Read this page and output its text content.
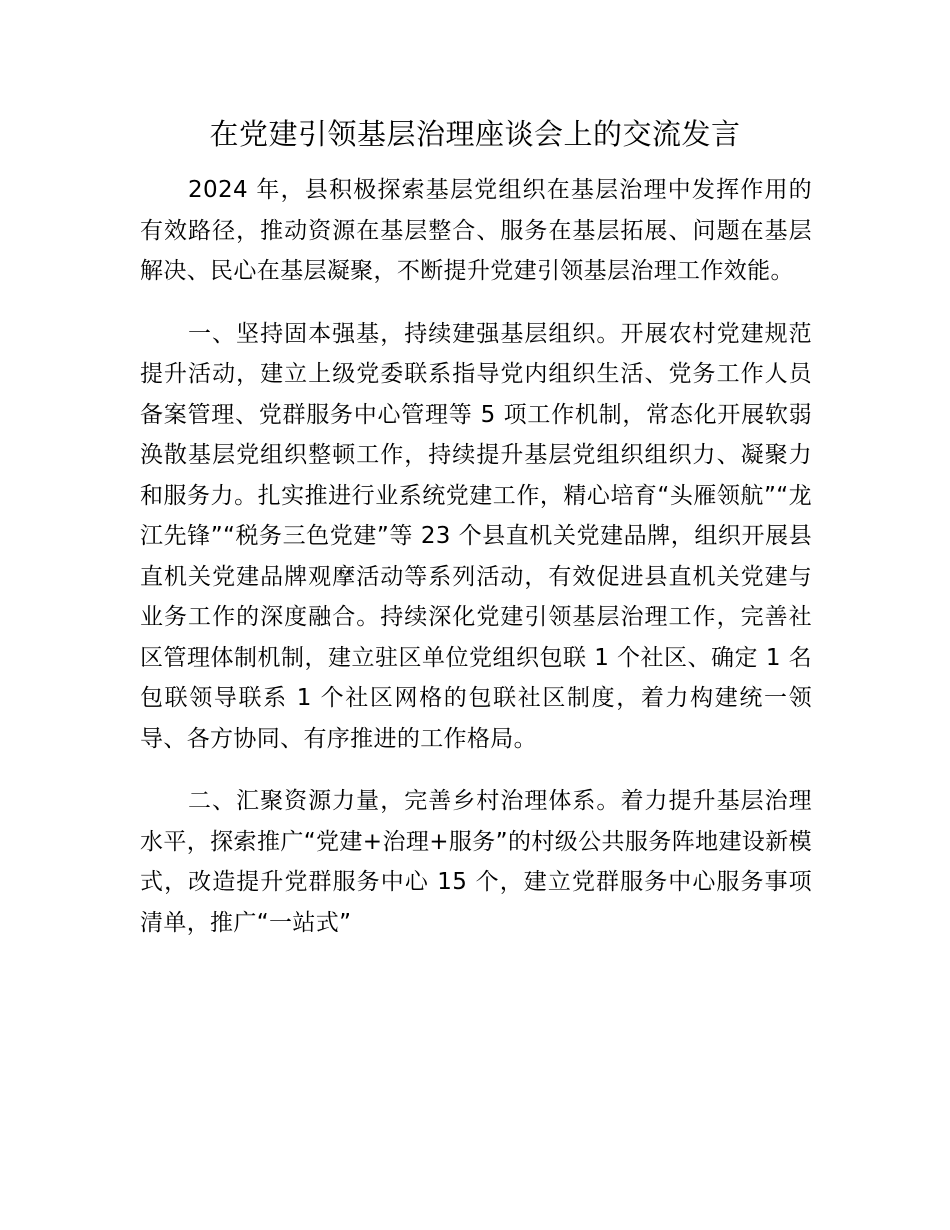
在党建引领基层治理座谈会上的交流发言

2024 年，县积极探索基层党组织在基层治理中发挥作用的有效路径，推动资源在基层整合、服务在基层拓展、问题在基层解决、民心在基层凝聚，不断提升党建引领基层治理工作效能。

一、坚持固本强基，持续建强基层组织。开展农村党建规范提升活动，建立上级党委联系指导党内组织生活、党务工作人员备案管理、党群服务中心管理等 5 项工作机制，常态化开展软弱涣散基层党组织整顿工作，持续提升基层党组织组织力、凝聚力和服务力。扎实推进行业系统党建工作，精心培育“头雁领航”“龙江先锋”“税务三色党建”等 23 个县直机关党建品牌，组织开展县直机关党建品牌观摩活动等系列活动，有效促进县直机关党建与业务工作的深度融合。持续深化党建引领基层治理工作，完善社区管理体制机制，建立驻区单位党组织包联 1 个社区、确定 1 名包联领导联系 1 个社区网格的包联社区制度，着力构建统一领导、各方协同、有序推进的工作格局。

二、汇聚资源力量，完善乡村治理体系。着力提升基层治理水平，探索推广“党建+治理+服务”的村级公共服务阵地建设新模式，改造提升党群服务中心 15 个，建立党群服务中心服务事项清单，推广“一站式”
